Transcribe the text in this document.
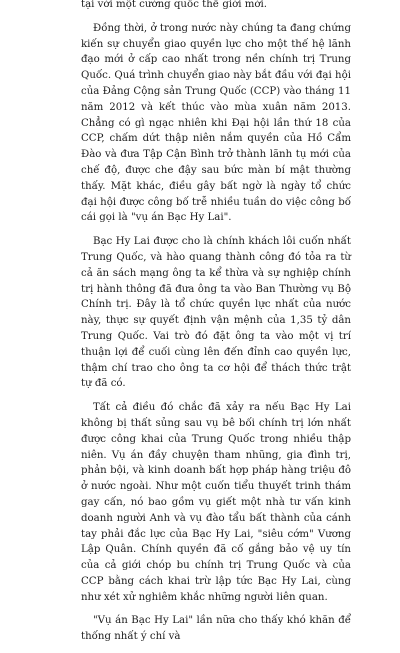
tại với một cường quốc thế giới mới.

Đồng thời, ở trong nước này chúng ta đang chứng kiến sự chuyển giao quyền lực cho một thế hệ lãnh đạo mới ở cấp cao nhất trong nền chính trị Trung Quốc. Quá trình chuyển giao này bắt đầu với đại hội của Đảng Cộng sản Trung Quốc (CCP) vào tháng 11 năm 2012 và kết thúc vào mùa xuân năm 2013. Chẳng có gì ngạc nhiên khi Đại hội lần thứ 18 của CCP, chấm dứt thập niên nắm quyền của Hồ Cẩm Đào và đưa Tập Cận Bình trở thành lãnh tụ mới của chế độ, được che đậy sau bức màn bí mật thường thấy. Mặt khác, điều gây bất ngờ là ngày tổ chức đại hội được công bố trễ nhiều tuần do việc công bố cái gọi là "vụ án Bạc Hy Lai".

Bạc Hy Lai được cho là chính khách lôi cuốn nhất Trung Quốc, và hào quang thành công đó tỏa ra từ cả ăn sách mạng ông ta kể thừa và sự nghiệp chính trị hành thông đã đưa ông ta vào Ban Thường vụ Bộ Chính trị. Đây là tổ chức quyền lực nhất của nước này, thực sự quyết định vận mệnh của 1,35 tỷ dân Trung Quốc. Vai trò đó đặt ông ta vào một vị trí thuận lợi để cuối cùng lên đến đỉnh cao quyền lực, thậm chí trao cho ông ta cơ hội để thách thức trật tự đã có.

Tất cả điều đó chắc đã xảy ra nếu Bạc Hy Lai không bị thất sủng sau vụ bê bối chính trị lớn nhất được công khai của Trung Quốc trong nhiều thập niên. Vụ án đầy chuyện tham nhũng, gia đình trị, phản bội, và kinh doanh bất hợp pháp hàng triệu đô ở nước ngoài. Như một cuốn tiểu thuyết trinh thám gay cấn, nó bao gồm vụ giết một nhà tư vấn kinh doanh người Anh và vụ đào tẩu bất thành của cánh tay phải đắc lực của Bạc Hy Lai, "siêu cớm" Vương Lập Quân. Chính quyền đã cố gắng bảo vệ uy tín của cả giới chóp bu chính trị Trung Quốc và của CCP bằng cách khai trừ lập tức Bạc Hy Lai, cùng như xét xử nghiêm khắc những người liên quan.

"Vụ án Bạc Hy Lai" lần nữa cho thấy khó khăn để thống nhất ý chí và
